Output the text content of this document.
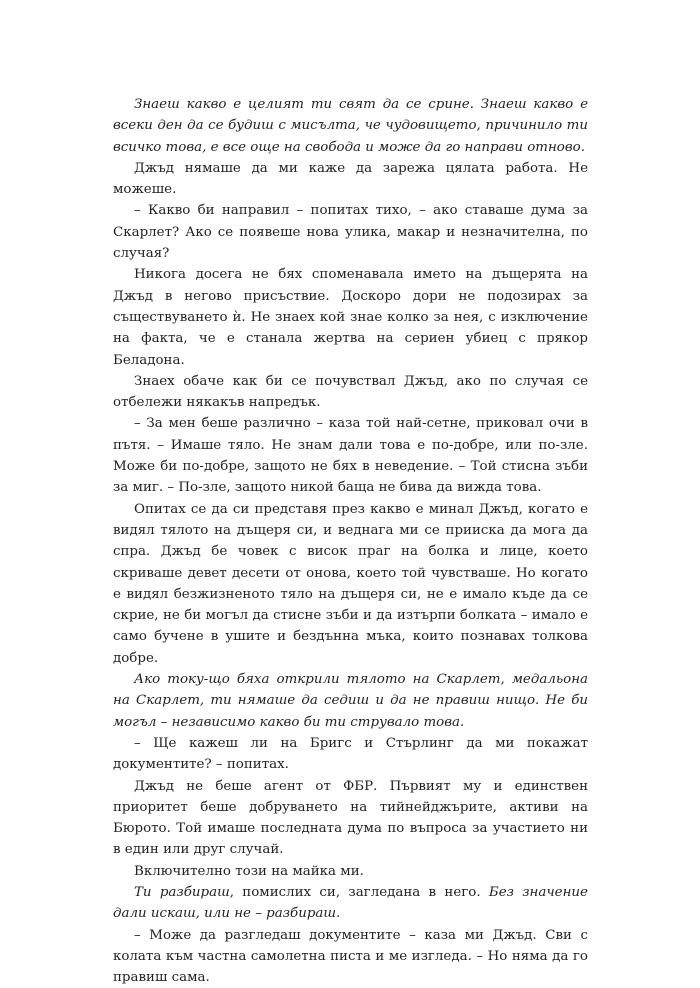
Знаеш какво е целият ти свят да се срине. Знаеш какво е всеки ден да се будиш с мисълта, че чудовището, причинило ти всичко това, е все още на свобода и може да го направи отново.

Джъд нямаше да ми каже да зарежа цялата работа. Не можеше.

– Какво би направил – попитах тихо, – ако ставаше дума за Скарлет? Ако се появеше нова улика, макар и незначителна, по случая?

Никога досега не бях споменавала името на дъщерята на Джъд в негово присъствие. Доскоро дори не подозирах за съществуването ѝ. Не знаех кой знае колко за нея, с изключение на факта, че е станала жертва на сериен убиец с прякор Беладона.

Знаех обаче как би се почувствал Джъд, ако по случая се отбележи някакъв напредък.

– За мен беше различно – каза той най-сетне, приковал очи в пътя. – Имаше тяло. Не знам дали това е по-добре, или по-зле. Може би по-добре, защото не бях в неведение. – Той стисна зъби за миг. – По-зле, защото никой баща не бива да вижда това.

Опитах се да си представя през какво е минал Джъд, когато е видял тялото на дъщеря си, и веднага ми се прииска да мога да спра. Джъд бе човек с висок праг на болка и лице, което скриваше девет десети от онова, което той чувстваше. Но когато е видял безжизненото тяло на дъщеря си, не е имало къде да се скрие, не би могъл да стисне зъби и да изтърпи болката – имало е само бучене в ушите и бездънна мъка, които познавах толкова добре.

Ако току-що бяха открили тялото на Скарлет, медальона на Скарлет, ти нямаше да седиш и да не правиш нищо. Не би могъл – независимо какво би ти струвало това.

– Ще кажеш ли на Бригс и Стърлинг да ми покажат документите? – попитах.

Джъд не беше агент от ФБР. Първият му и единствен приоритет беше добруването на тийнейджърите, активи на Бюрото. Той имаше последната дума по въпроса за участието ни в един или друг случай.

Включително този на майка ми.

Ти разбираш, помислих си, загледана в него. Без значение дали искаш, или не – разбираш.

– Може да разгледаш документите – каза ми Джъд. Сви с колата към частна самолетна писта и ме изгледа. – Но няма да го правиш сама.
